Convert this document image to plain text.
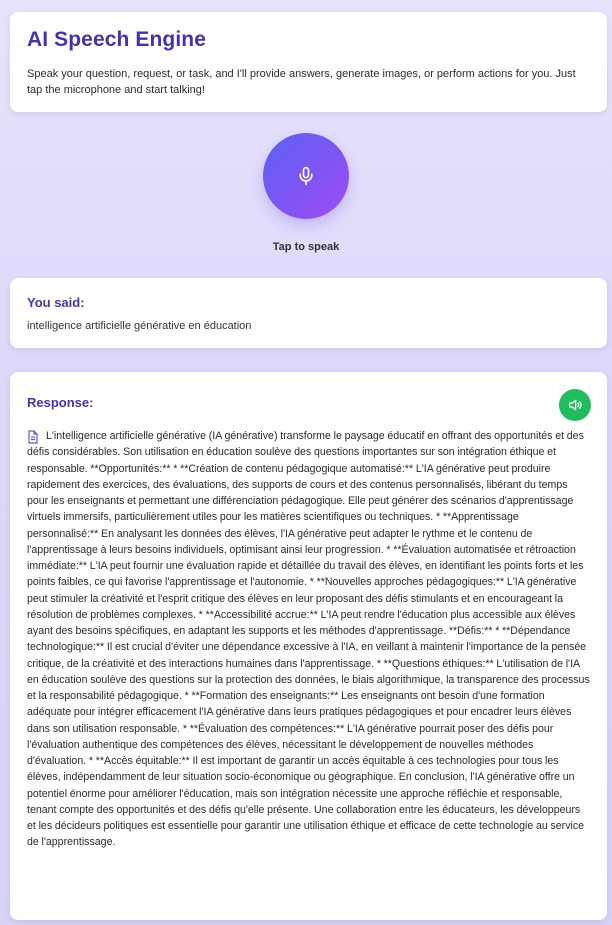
AI Speech Engine

Speak your question, request, or task, and I'll provide answers, generate images, or perform actions for you. Just tap the microphone and start talking!

Tap to speak
You said:
intelligence artificielle générative en éducation
Response:
L'intelligence artificielle générative (IA générative) transforme le paysage éducatif en offrant des opportunités et des défis considérables. Son utilisation en éducation soulève des questions importantes sur son intégration éthique et responsable. **Opportunités:** * **Création de contenu pédagogique automatisé:** L'IA générative peut produire rapidement des exercices, des évaluations, des supports de cours et des contenus personnalisés, libérant du temps pour les enseignants et permettant une différenciation pédagogique. Elle peut générer des scénarios d'apprentissage virtuels immersifs, particulièrement utiles pour les matières scientifiques ou techniques. * **Apprentissage personnalisé:** En analysant les données des élèves, l'IA générative peut adapter le rythme et le contenu de l'apprentissage à leurs besoins individuels, optimisant ainsi leur progression. * **Évaluation automatisée et rétroaction immédiate:** L'IA peut fournir une évaluation rapide et détaillée du travail des élèves, en identifiant les points forts et les points faibles, ce qui favorise l'apprentissage et l'autonomie. * **Nouvelles approches pédagogiques:** L'IA générative peut stimuler la créativité et l'esprit critique des élèves en leur proposant des défis stimulants et en encourageant la résolution de problèmes complexes. * **Accessibilité accrue:** L'IA peut rendre l'éducation plus accessible aux élèves ayant des besoins spécifiques, en adaptant les supports et les méthodes d'apprentissage. **Défis:** * **Dépendance technologique:** Il est crucial d'éviter une dépendance excessive à l'IA, en veillant à maintenir l'importance de la pensée critique, de la créativité et des interactions humaines dans l'apprentissage. * **Questions éthiques:** L'utilisation de l'IA en éducation soulève des questions sur la protection des données, le biais algorithmique, la transparence des processus et la responsabilité pédagogique. * **Formation des enseignants:** Les enseignants ont besoin d'une formation adéquate pour intégrer efficacement l'IA générative dans leurs pratiques pédagogiques et pour encadrer leurs élèves dans son utilisation responsable. * **Évaluation des compétences:** L'IA générative pourrait poser des défis pour l'évaluation authentique des compétences des élèves, nécessitant le développement de nouvelles méthodes d'évaluation. * **Accès équitable:** Il est important de garantir un accès équitable à ces technologies pour tous les élèves, indépendamment de leur situation socio-économique ou géographique. En conclusion, l'IA générative offre un potentiel énorme pour améliorer l'éducation, mais son intégration nécessite une approche réfléchie et responsable, tenant compte des opportunités et des défis qu'elle présente. Une collaboration entre les éducateurs, les développeurs et les décideurs politiques est essentielle pour garantir une utilisation éthique et efficace de cette technologie au service de l'apprentissage.
